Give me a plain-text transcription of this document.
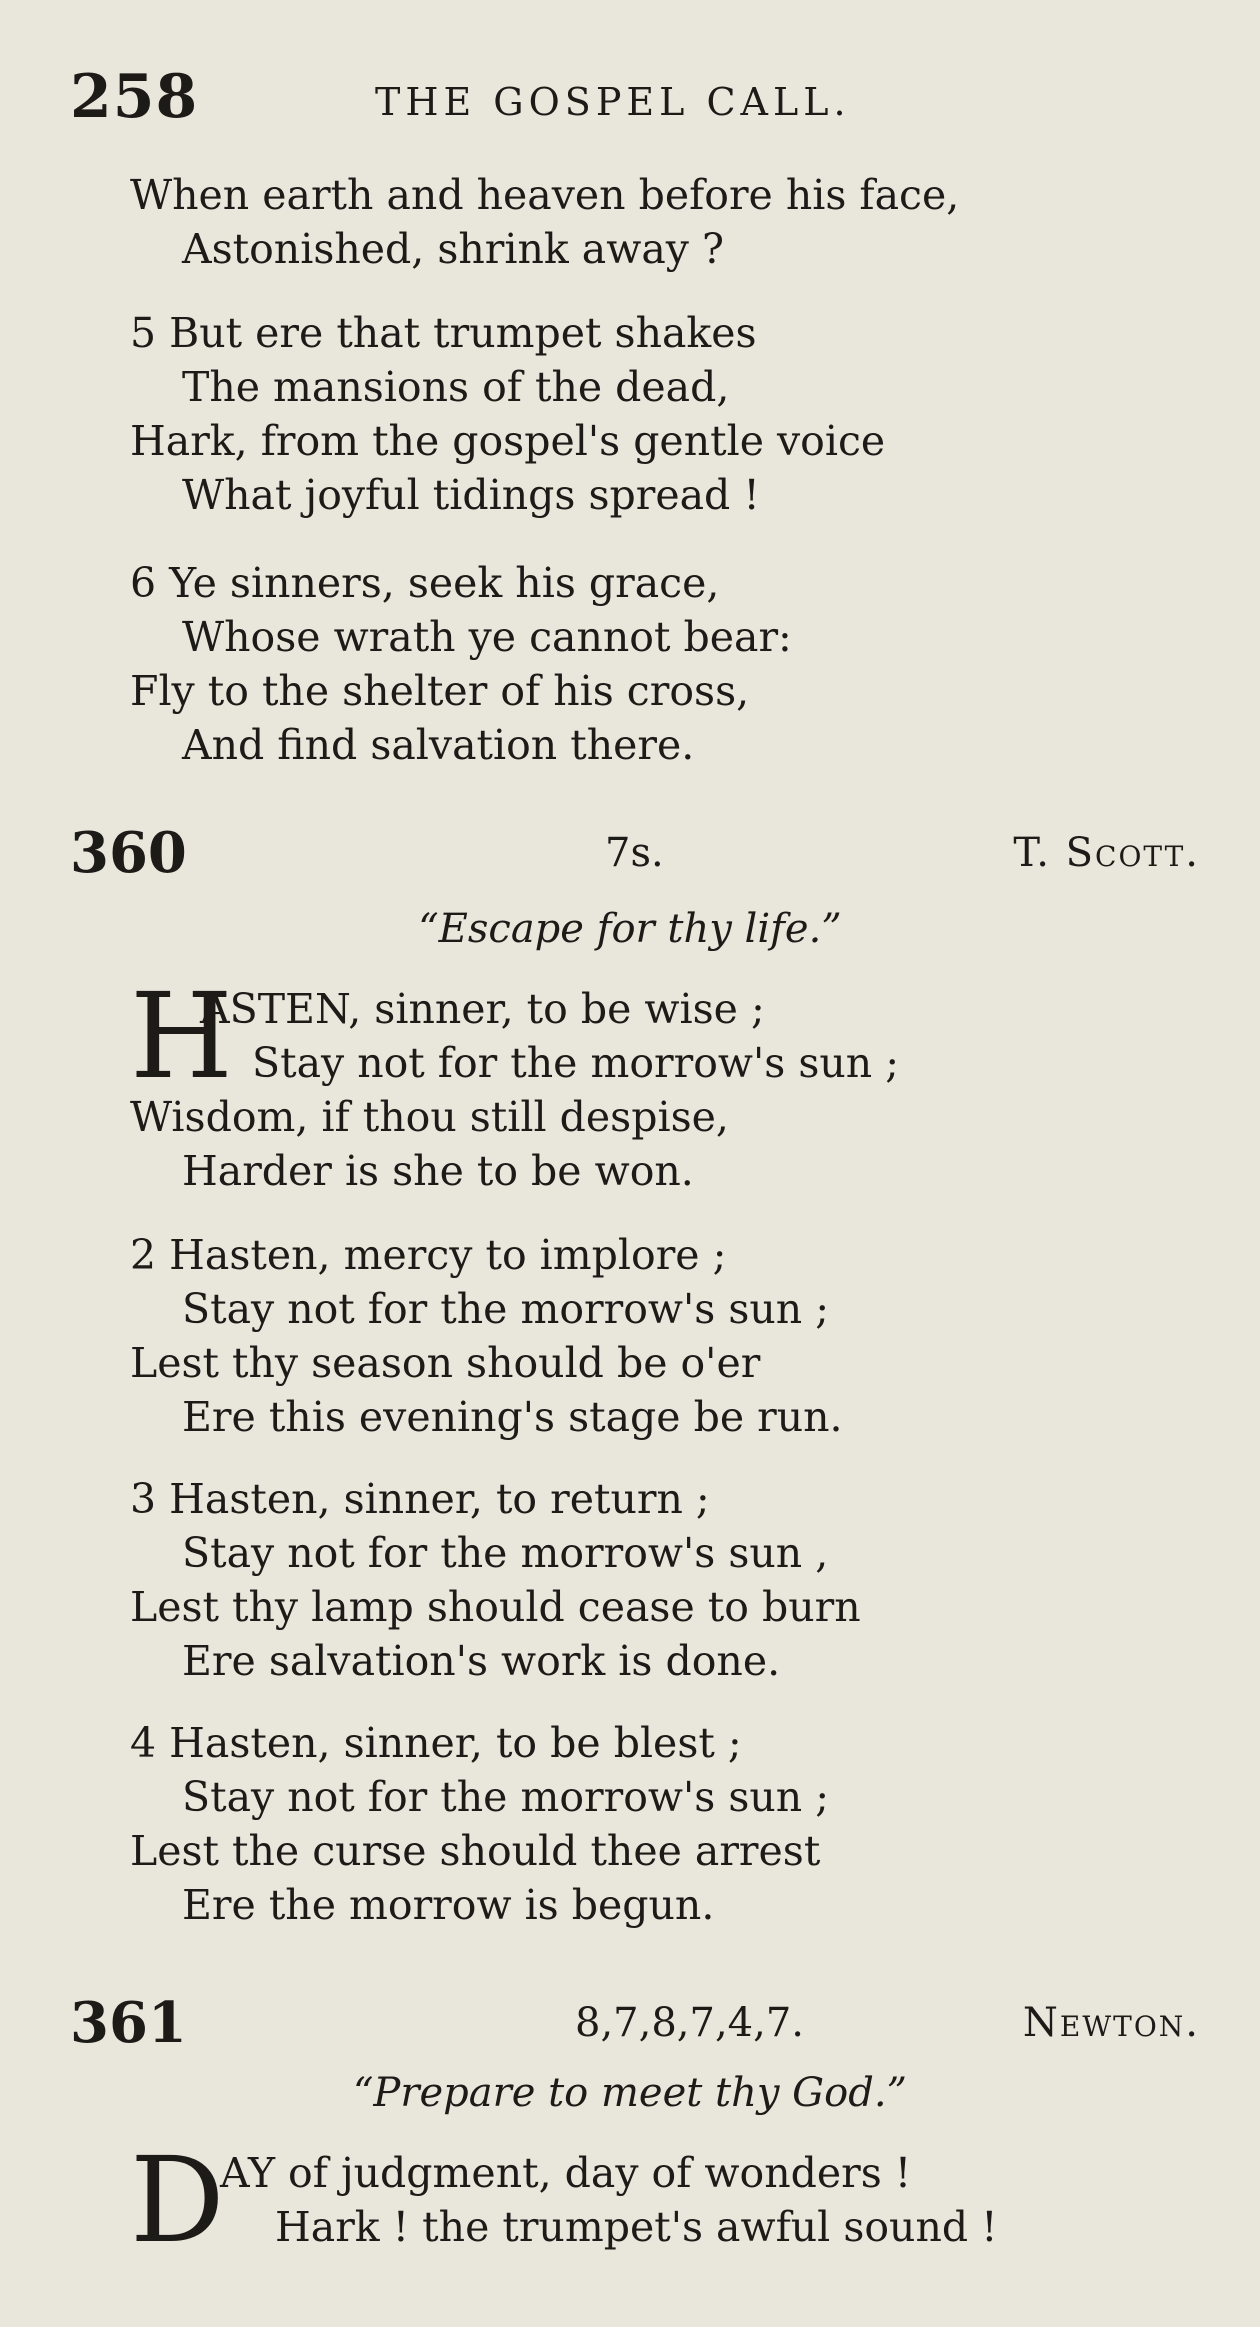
258	THE GOSPEL CALL.
When earth and heaven before his face,
Astonished, shrink away ?
5 But ere that trumpet shakes
The mansions of the dead,
Hark, from the gospel's gentle voice
What joyful tidings spread !
6 Ye sinners, seek his grace,
Whose wrath ye cannot bear:
Fly to the shelter of his cross,
And find salvation there.
360	7s.	T. Scott.
“Escape for thy life.”
H
ASTEN, sinner, to be wise ;
Stay not for the morrow's sun ;
Wisdom, if thou still despise,
Harder is she to be won.
2 Hasten, mercy to implore ;
Stay not for the morrow's sun ;
Lest thy season should be o'er
Ere this evening's stage be run.
3 Hasten, sinner, to return ;
Stay not for the morrow's sun ,
Lest thy lamp should cease to burn
Ere salvation's work is done.
4 Hasten, sinner, to be blest ;
Stay not for the morrow's sun ;
Lest the curse should thee arrest
Ere the morrow is begun.
361	8,7,8,7,4,7.	Newton.
“Prepare to meet thy God.”
D
AY of judgment, day of wonders !
Hark ! the trumpet's awful sound !
